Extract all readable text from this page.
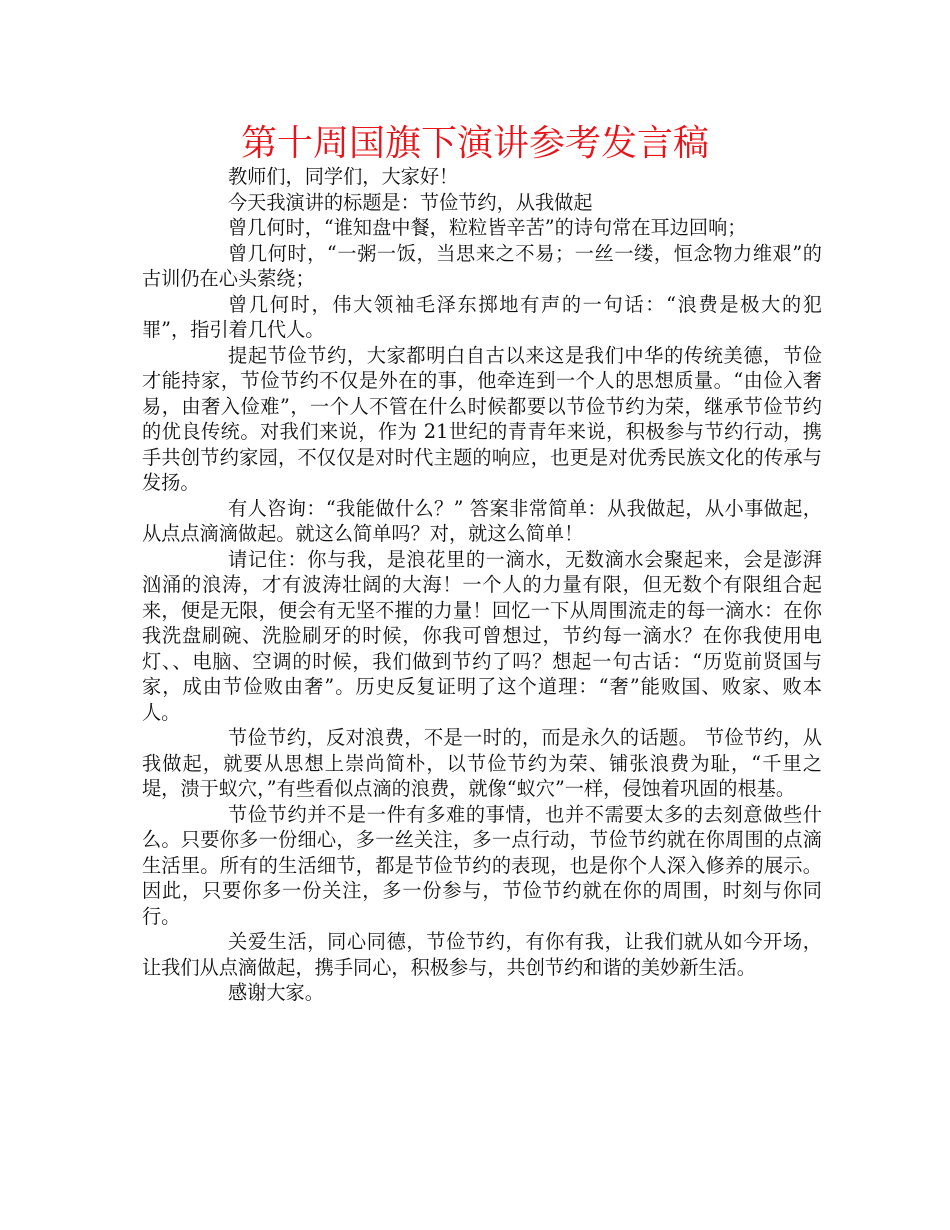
第十周国旗下演讲参考发言稿

教师们，同学们，大家好！

今天我演讲的标题是：节俭节约，从我做起

曾几何时，“谁知盘中餐，粒粒皆辛苦”的诗句常在耳边回响；

曾几何时，“一粥一饭，当思来之不易；一丝一缕，恒念物力维艰”的古训仍在心头萦绕；

曾几何时，伟大领袖毛泽东掷地有声的一句话：“浪费是极大的犯罪”，指引着几代人。

提起节俭节约，大家都明白自古以来这是我们中华的传统美德，节俭才能持家，节俭节约不仅是外在的事，他牵连到一个人的思想质量。“由俭入奢易，由奢入俭难”，一个人不管在什么时候都要以节俭节约为荣，继承节俭节约的优良传统。对我们来说，作为 21世纪的青青年来说，积极参与节约行动，携手共创节约家园，不仅仅是对时代主题的响应，也更是对优秀民族文化的传承与发扬。

有人咨询：“我能做什么？” 答案非常简单：从我做起，从小事做起，从点点滴滴做起。就这么简单吗？对，就这么简单！

请记住：你与我，是浪花里的一滴水，无数滴水会聚起来，会是澎湃汹涌的浪涛，才有波涛壮阔的大海！一个人的力量有限，但无数个有限组合起来，便是无限，便会有无坚不摧的力量！回忆一下从周围流走的每一滴水：在你我洗盘刷碗、洗脸刷牙的时候，你我可曾想过，节约每一滴水？在你我使用电灯、、电脑、空调的时候，我们做到节约了吗？想起一句古话：“历览前贤国与家，成由节俭败由奢”。历史反复证明了这个道理：“奢”能败国、败家、败本人。

节俭节约，反对浪费，不是一时的，而是永久的话题。 节俭节约，从我做起，就要从思想上崇尚简朴，以节俭节约为荣、铺张浪费为耻，“千里之堤，溃于蚁穴，”有些看似点滴的浪费，就像“蚁穴”一样，侵蚀着巩固的根基。

节俭节约并不是一件有多难的事情，也并不需要太多的去刻意做些什么。只要你多一份细心，多一丝关注，多一点行动，节俭节约就在你周围的点滴生活里。所有的生活细节，都是节俭节约的表现，也是你个人深入修养的展示。因此，只要你多一份关注，多一份参与，节俭节约就在你的周围，时刻与你同行。

关爱生活，同心同德，节俭节约，有你有我，让我们就从如今开场，让我们从点滴做起，携手同心，积极参与，共创节约和谐的美妙新生活。

感谢大家。
